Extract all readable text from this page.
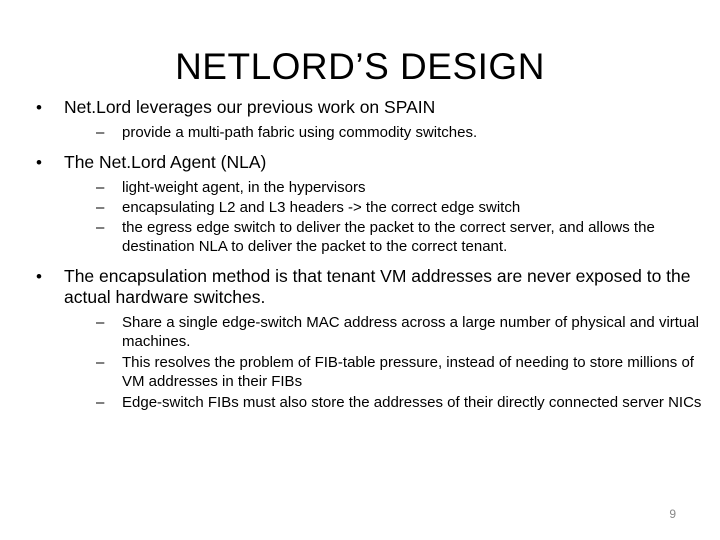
NETLORD’S DESIGN
•	Net.Lord leverages our previous work on SPAIN
–	provide a multi-path fabric using commodity switches.
•	The Net.Lord Agent (NLA)
–	light-weight agent, in the hypervisors
–	encapsulating L2 and L3 headers -> the correct edge switch
–	the egress edge switch to deliver the packet to the correct server, and allows the destination NLA to deliver the packet to the correct tenant.
•	The encapsulation method is that tenant VM addresses are never exposed to the actual hardware switches.
–	Share a single edge-switch MAC address across a large number of physical and virtual machines.
–	This resolves the problem of FIB-table pressure, instead of needing to store millions of VM addresses in their FIBs
–	Edge-switch FIBs must also store the addresses of their directly connected server NICs
9
